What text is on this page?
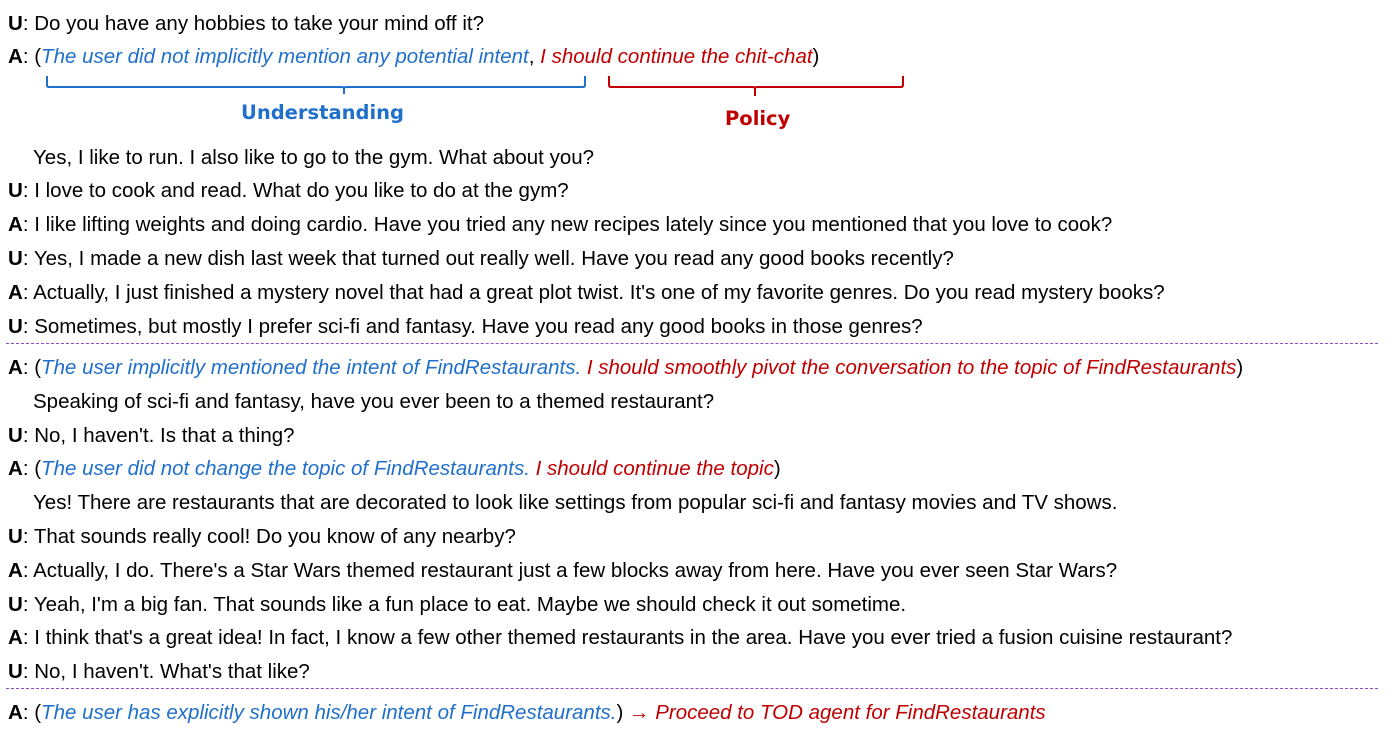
U: Do you have any hobbies to take your mind off it?
A: (The user did not implicitly mention any potential intent, I should continue the chit-chat)
Understanding	Policy
Yes, I like to run. I also like to go to the gym. What about you?
U: I love to cook and read. What do you like to do at the gym?
A: I like lifting weights and doing cardio. Have you tried any new recipes lately since you mentioned that you love to cook?
U: Yes, I made a new dish last week that turned out really well. Have you read any good books recently?
A: Actually, I just finished a mystery novel that had a great plot twist. It's one of my favorite genres. Do you read mystery books?
U: Sometimes, but mostly I prefer sci-fi and fantasy. Have you read any good books in those genres?
A: (The user implicitly mentioned the intent of FindRestaurants. I should smoothly pivot the conversation to the topic of FindRestaurants)
Speaking of sci-fi and fantasy, have you ever been to a themed restaurant?
U: No, I haven't. Is that a thing?
A: (The user did not change the topic of FindRestaurants. I should continue the topic)
Yes! There are restaurants that are decorated to look like settings from popular sci-fi and fantasy movies and TV shows.
U: That sounds really cool! Do you know of any nearby?
A: Actually, I do. There's a Star Wars themed restaurant just a few blocks away from here. Have you ever seen Star Wars?
U: Yeah, I'm a big fan. That sounds like a fun place to eat. Maybe we should check it out sometime.
A: I think that's a great idea! In fact, I know a few other themed restaurants in the area. Have you ever tried a fusion cuisine restaurant?
U: No, I haven't. What's that like?
A: (The user has explicitly shown his/her intent of FindRestaurants.) → Proceed to TOD agent for FindRestaurants
